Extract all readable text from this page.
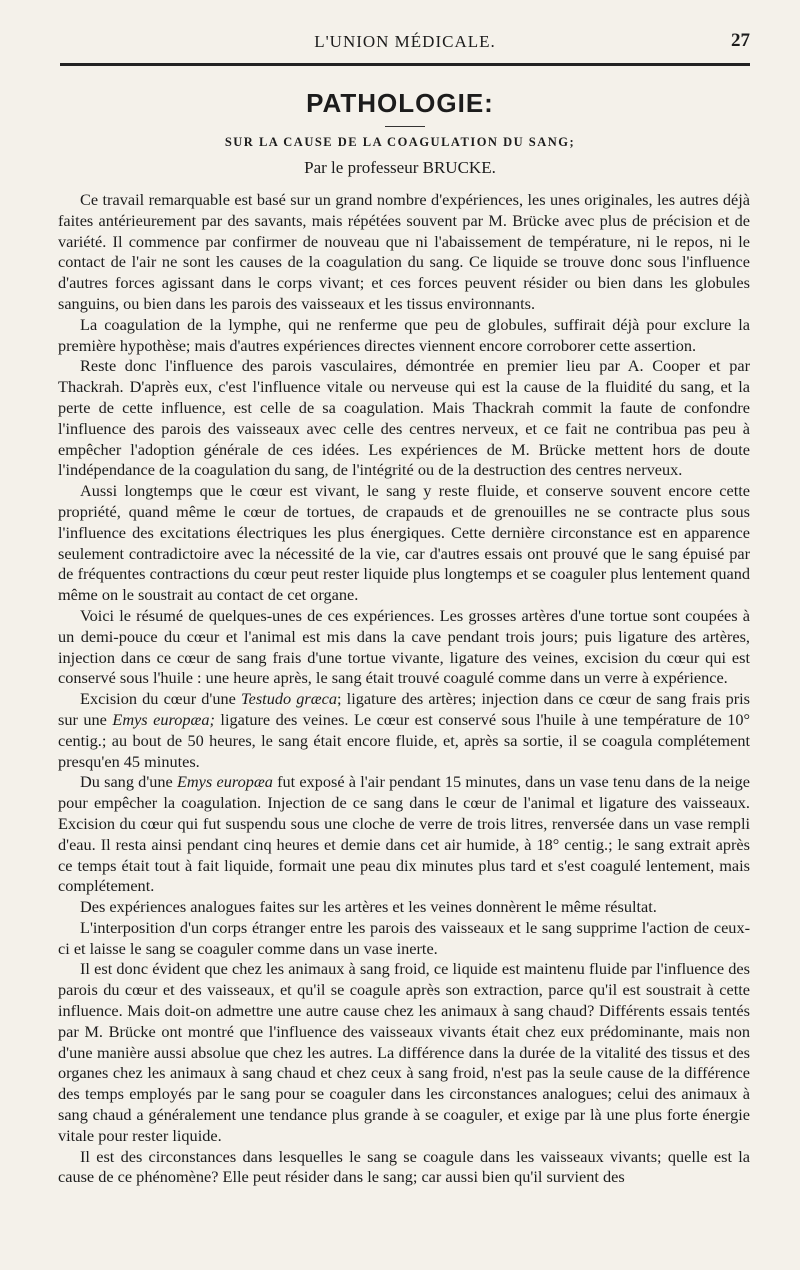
L'UNION MÉDICALE.	27
PATHOLOGIE:
SUR LA CAUSE DE LA COAGULATION DU SANG;
Par le professeur BRUCKE.

Ce travail remarquable est basé sur un grand nombre d'expériences, les unes originales, les autres déjà faites antérieurement par des savants, mais répétées souvent par M. Brücke avec plus de précision et de variété. Il commence par confirmer de nouveau que ni l'abaissement de température, ni le repos, ni le contact de l'air ne sont les causes de la coagulation du sang. Ce liquide se trouve donc sous l'influence d'autres forces agissant dans le corps vivant; et ces forces peuvent résider ou bien dans les globules sanguins, ou bien dans les parois des vaisseaux et les tissus environnants.

La coagulation de la lymphe, qui ne renferme que peu de globules, suffirait déjà pour exclure la première hypothèse; mais d'autres expériences directes viennent encore corroborer cette assertion.

Reste donc l'influence des parois vasculaires, démontrée en premier lieu par A. Cooper et par Thackrah. D'après eux, c'est l'influence vitale ou nerveuse qui est la cause de la fluidité du sang, et la perte de cette influence, est celle de sa coagulation. Mais Thackrah commit la faute de confondre l'influence des parois des vaisseaux avec celle des centres nerveux, et ce fait ne contribua pas peu à empêcher l'adoption générale de ces idées. Les expériences de M. Brücke mettent hors de doute l'indépendance de la coagulation du sang, de l'intégrité ou de la destruction des centres nerveux.

Aussi longtemps que le cœur est vivant, le sang y reste fluide, et conserve souvent encore cette propriété, quand même le cœur de tortues, de crapauds et de grenouilles ne se contracte plus sous l'influence des excitations électriques les plus énergiques. Cette dernière circonstance est en apparence seulement contradictoire avec la nécessité de la vie, car d'autres essais ont prouvé que le sang épuisé par de fréquentes contractions du cœur peut rester liquide plus longtemps et se coaguler plus lentement quand même on le soustrait au contact de cet organe.

Voici le résumé de quelques-unes de ces expériences. Les grosses artères d'une tortue sont coupées à un demi-pouce du cœur et l'animal est mis dans la cave pendant trois jours; puis ligature des artères, injection dans ce cœur de sang frais d'une tortue vivante, ligature des veines, excision du cœur qui est conservé sous l'huile : une heure après, le sang était trouvé coagulé comme dans un verre à expérience.

Excision du cœur d'une Testudo græca; ligature des artères; injection dans ce cœur de sang frais pris sur une Emys europæa; ligature des veines. Le cœur est conservé sous l'huile à une température de 10° centig.; au bout de 50 heures, le sang était encore fluide, et, après sa sortie, il se coagula complétement presqu'en 45 minutes.

Du sang d'une Emys europæa fut exposé à l'air pendant 15 minutes, dans un vase tenu dans de la neige pour empêcher la coagulation. Injection de ce sang dans le cœur de l'animal et ligature des vaisseaux. Excision du cœur qui fut suspendu sous une cloche de verre de trois litres, renversée dans un vase rempli d'eau. Il resta ainsi pendant cinq heures et demie dans cet air humide, à 18° centig.; le sang extrait après ce temps était tout à fait liquide, formait une peau dix minutes plus tard et s'est coagulé lentement, mais complétement.

Des expériences analogues faites sur les artères et les veines donnèrent le même résultat.

L'interposition d'un corps étranger entre les parois des vaisseaux et le sang supprime l'action de ceux-ci et laisse le sang se coaguler comme dans un vase inerte.

Il est donc évident que chez les animaux à sang froid, ce liquide est maintenu fluide par l'influence des parois du cœur et des vaisseaux, et qu'il se coagule après son extraction, parce qu'il est soustrait à cette influence. Mais doit-on admettre une autre cause chez les animaux à sang chaud? Différents essais tentés par M. Brücke ont montré que l'influence des vaisseaux vivants était chez eux prédominante, mais non d'une manière aussi absolue que chez les autres. La différence dans la durée de la vitalité des tissus et des organes chez les animaux à sang chaud et chez ceux à sang froid, n'est pas la seule cause de la différence des temps employés par le sang pour se coaguler dans les circonstances analogues; celui des animaux à sang chaud a généralement une tendance plus grande à se coaguler, et exige par là une plus forte énergie vitale pour rester liquide.

Il est des circonstances dans lesquelles le sang se coagule dans les vaisseaux vivants; quelle est la cause de ce phénomène? Elle peut résider dans le sang; car aussi bien qu'il survient des
